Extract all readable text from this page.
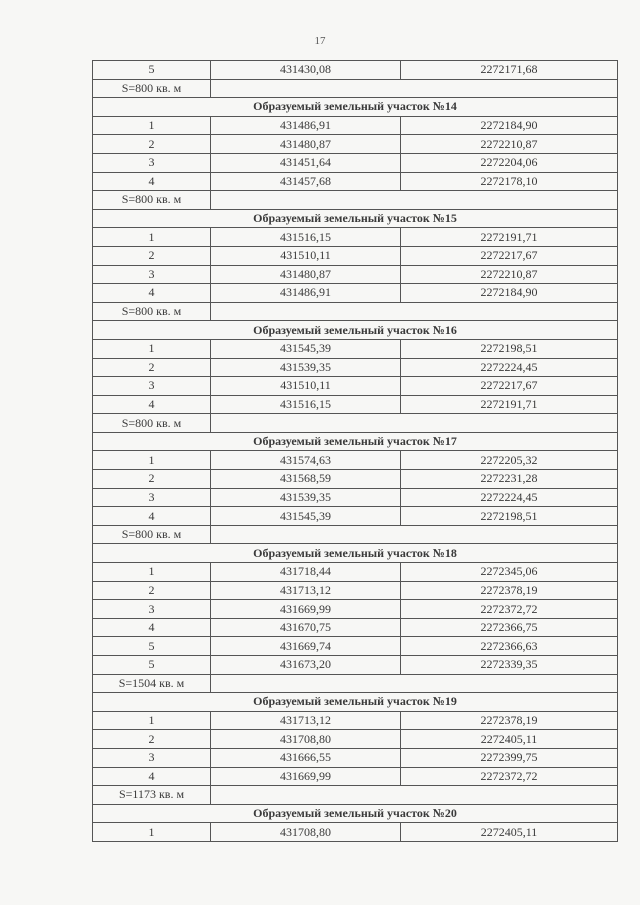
17
5	431430,08	2272171,68
S=800 кв. м		
Образуемый земельный участок №14		
1	431486,91	2272184,90
2	431480,87	2272210,87
3	431451,64	2272204,06
4	431457,68	2272178,10
S=800 кв. м		
Образуемый земельный участок №15		
1	431516,15	2272191,71
2	431510,11	2272217,67
3	431480,87	2272210,87
4	431486,91	2272184,90
S=800 кв. м		
Образуемый земельный участок №16		
1	431545,39	2272198,51
2	431539,35	2272224,45
3	431510,11	2272217,67
4	431516,15	2272191,71
S=800 кв. м		
Образуемый земельный участок №17		
1	431574,63	2272205,32
2	431568,59	2272231,28
3	431539,35	2272224,45
4	431545,39	2272198,51
S=800 кв. м		
Образуемый земельный участок №18		
1	431718,44	2272345,06
2	431713,12	2272378,19
3	431669,99	2272372,72
4	431670,75	2272366,75
5	431669,74	2272366,63
5	431673,20	2272339,35
S=1504 кв. м		
Образуемый земельный участок №19		
1	431713,12	2272378,19
2	431708,80	2272405,11
3	431666,55	2272399,75
4	431669,99	2272372,72
S=1173 кв. м		
Образуемый земельный участок №20		
1	431708,80	2272405,11
